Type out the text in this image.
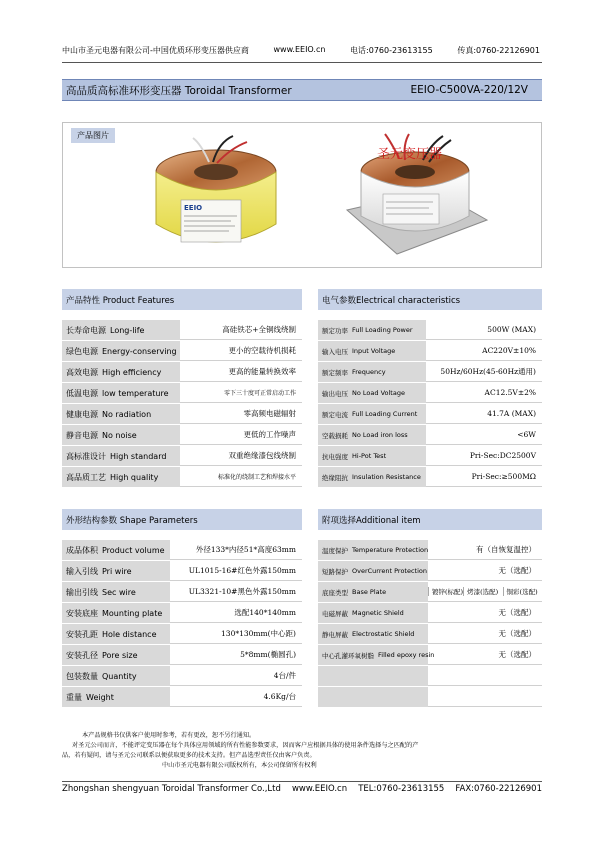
中山市圣元电器有限公司-中国优质环形变压器供应商	www.EEIO.cn	电话:0760-23613155	传真:0760-22126901
高品质高标准环形变压器 Toroidal Transformer	EEIO-C500VA-220/12V
产品图片
EEIO
圣元变压器
产品特性 Product Features
长寿命电源 Long-life	高硅铁芯+全铜线绕制
绿色电源 Energy-conserving	更小的空载待机损耗
高效电源 High efficiency	更高的能量转换效率
低温电源 low temperature	零下三十度可正常启动工作
健康电源 No radiation	零高频电磁辐射
静音电源 No noise	更低的工作噪声
高标准设计 High standard	双重绝缘漆包线绕制
高品质工艺 High quality	标准化的绕制工艺和焊接水平
电气参数Electrical characteristics
额定功率 Full Loading Power	500W (MAX)
输入电压 Input Voltage	AC220V±10%
额定频率 Frequency	50Hz/60Hz(45-60Hz通用)
输出电压 No Load Voltage	AC12.5V±2%
额定电流 Full Loading Current	41.7A (MAX)
空载损耗 No Load iron loss	<6W
抗电强度 Hi-Pot Test	Pri-Sec:DC2500V
绝缘阻抗 Insulation Resistance	Pri-Sec:≥500MΩ
外形结构参数 Shape Parameters
成品体积 Product volume	外径133*内径51*高度63mm
输入引线 Pri wire	UL1015-16#红色外露150mm
输出引线 Sec wire	UL3321-10#黑色外露150mm
安装底座 Mounting plate	选配140*140mm
安装孔距 Hole distance	130*130mm(中心距)
安装孔径 Pore size	5*8mm(椭圆孔)
包装数量 Quantity	4台/件
重量 Weight	4.6Kg/台
附项选择Additional item
温度保护 Temperature Protection	有（自恢复温控）
短路保护 OverCurrent Protection	无（选配）
底座类型 Base Plate	镀锌(标配) 烤漆(选配)	铜彩(选配)
电磁屏蔽 Magnetic Shield	无（选配）
静电屏蔽 Electrostatic Shield	无（选配）
中心孔灌环氧树脂 Filled epoxy resin	无（选配）

本产品规格书仅供客户使用时参考，若有更改，恕不另行通知。

对圣元公司而言，不能评定变压器在每个具体应用领域的所有性能参数要求，因而客户应根据具体的使用条件选择与之匹配的产

品，若有疑问，请与圣元公司联系以便获取更多的技术支持。但产品选型责任仅由客户负责。

中山市圣元电器有限公司版权所有，本公司保留所有权利

Zhongshan shengyuan Toroidal Transformer Co.,Ltd www.EEIO.cn TEL:0760-23613155 FAX:0760-22126901
